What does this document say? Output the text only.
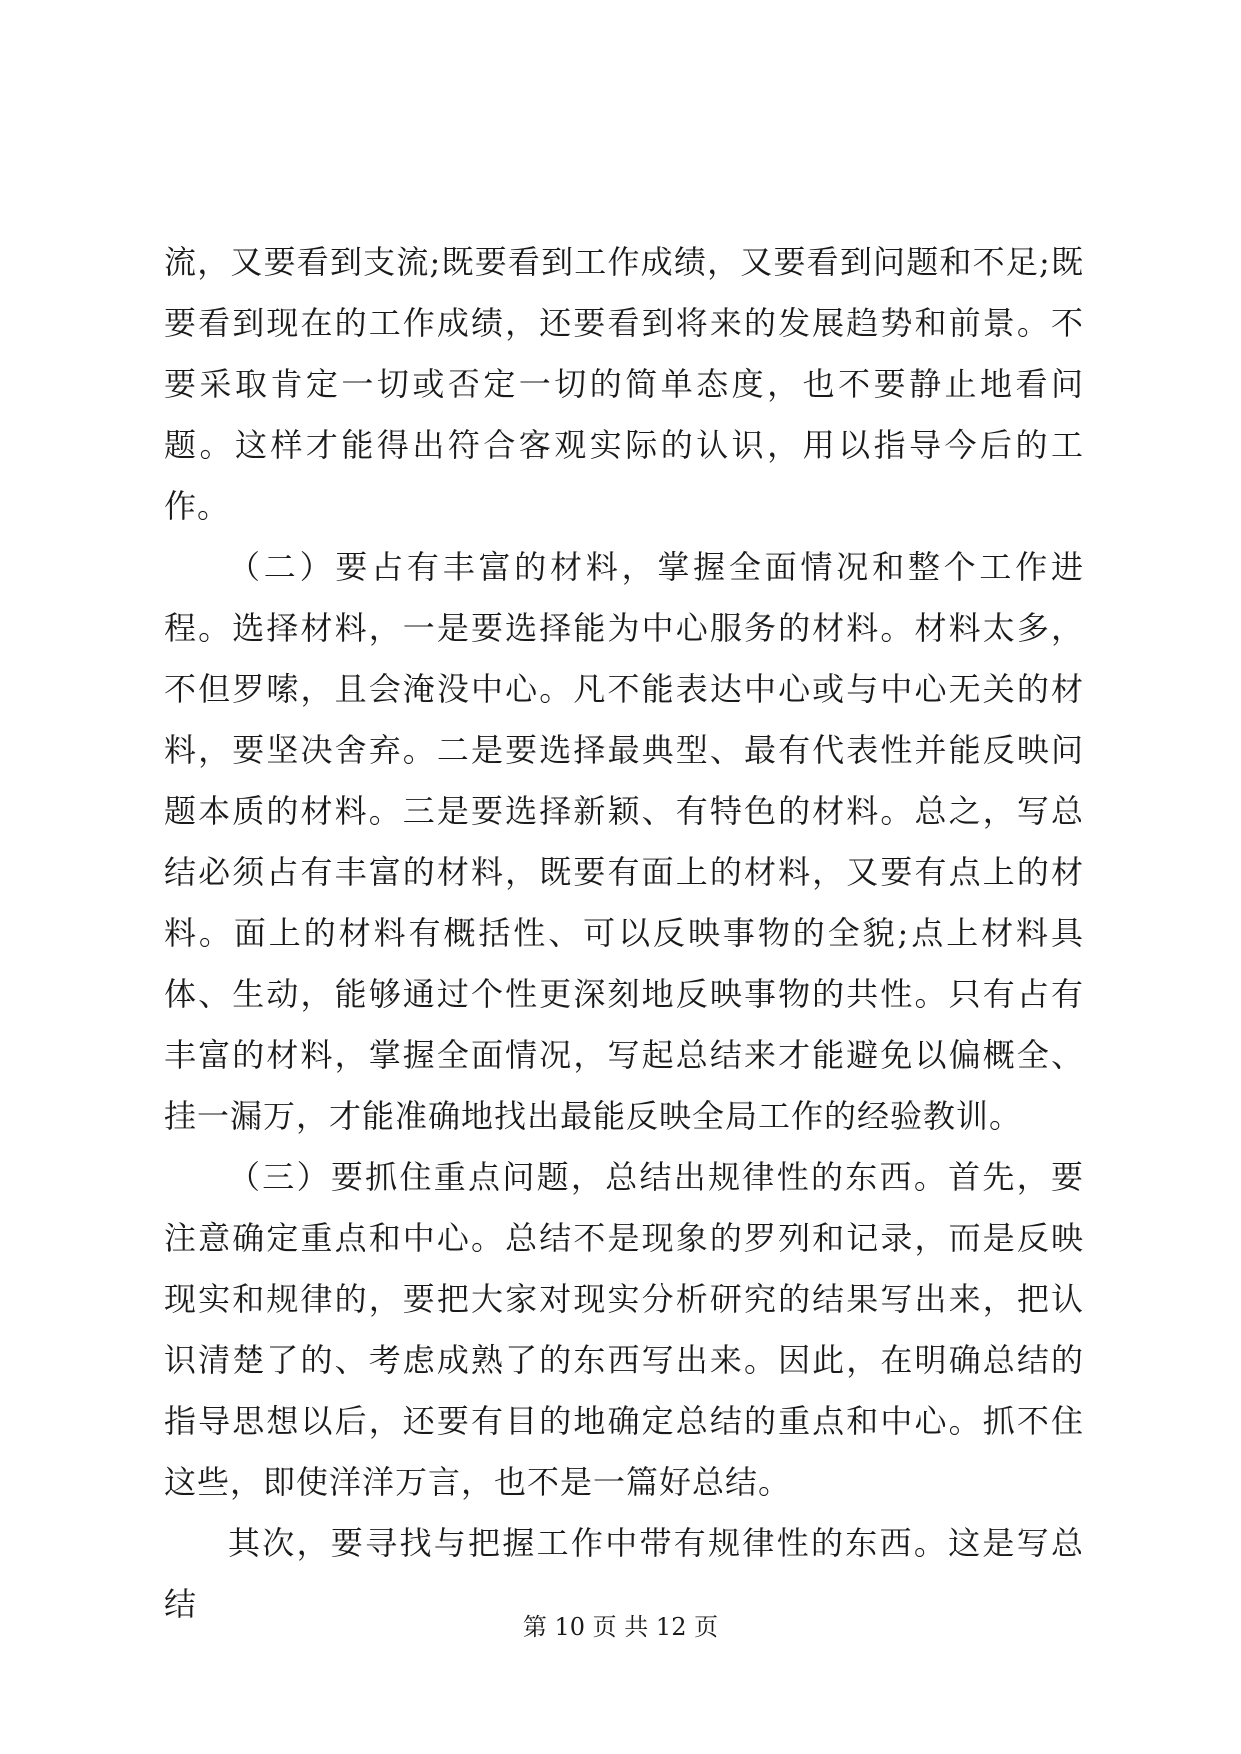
流，又要看到支流;既要看到工作成绩，又要看到问题和不足;既要看到现在的工作成绩，还要看到将来的发展趋势和前景。不要采取肯定一切或否定一切的简单态度，也不要静止地看问题。这样才能得出符合客观实际的认识，用以指导今后的工作。

（二）要占有丰富的材料，掌握全面情况和整个工作进程。选择材料，一是要选择能为中心服务的材料。材料太多，不但罗嗦，且会淹没中心。凡不能表达中心或与中心无关的材料，要坚决舍弃。二是要选择最典型、最有代表性并能反映问题本质的材料。三是要选择新颖、有特色的材料。总之，写总结必须占有丰富的材料，既要有面上的材料，又要有点上的材料。面上的材料有概括性、可以反映事物的全貌;点上材料具体、生动，能够通过个性更深刻地反映事物的共性。只有占有丰富的材料，掌握全面情况，写起总结来才能避免以偏概全、挂一漏万，才能准确地找出最能反映全局工作的经验教训。

（三）要抓住重点问题，总结出规律性的东西。首先，要注意确定重点和中心。总结不是现象的罗列和记录，而是反映现实和规律的，要把大家对现实分析研究的结果写出来，把认识清楚了的、考虑成熟了的东西写出来。因此，在明确总结的指导思想以后，还要有目的地确定总结的重点和中心。抓不住这些，即使洋洋万言，也不是一篇好总结。

其次，要寻找与把握工作中带有规律性的东西。这是写总结

第 10 页 共 12 页
